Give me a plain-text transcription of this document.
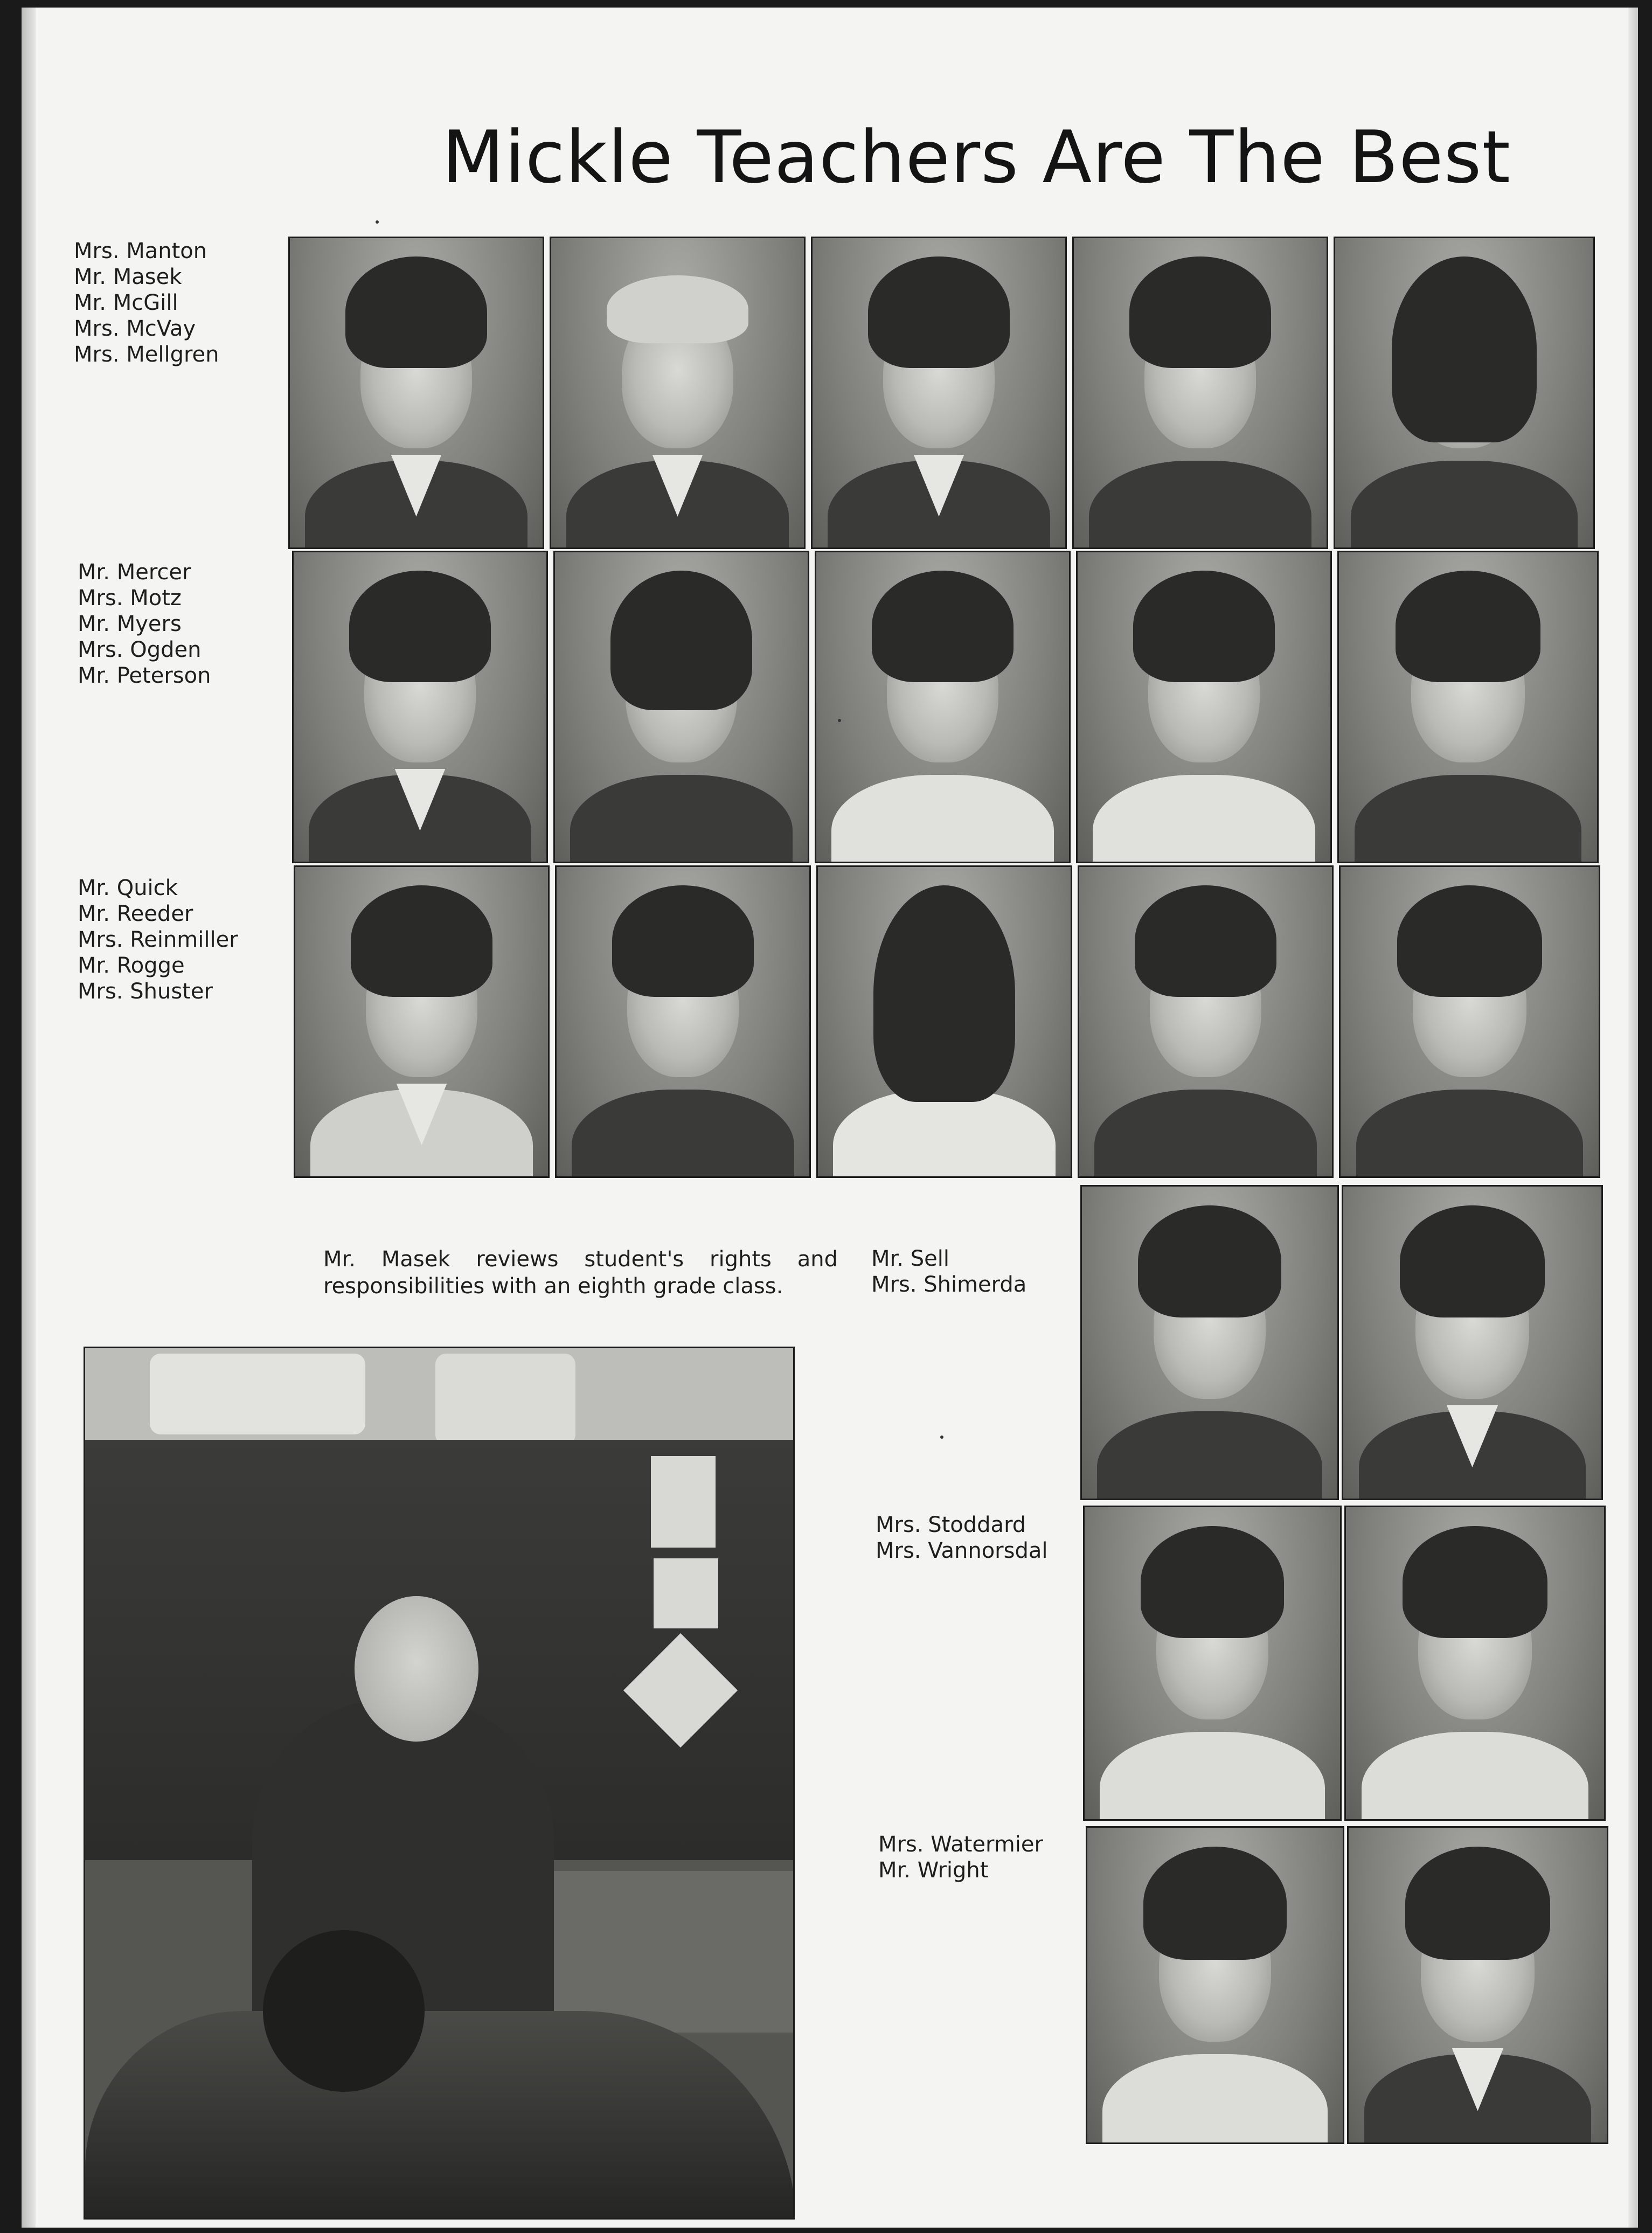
Mickle Teachers Are The Best
Mrs. Manton
Mr. Masek
Mr. McGill
Mrs. McVay
Mrs. Mellgren
Mr. Mercer
Mrs. Motz
Mr. Myers
Mrs. Ogden
Mr. Peterson
Mr. Quick
Mr. Reeder
Mrs. Reinmiller
Mr. Rogge
Mrs. Shuster
Mr. Sell
Mrs. Shimerda
Mrs. Stoddard
Mrs. Vannorsdal
Mrs. Watermier
Mr. Wright
Mr. Masek reviews student's rights and responsibilities with an eighth grade class.
